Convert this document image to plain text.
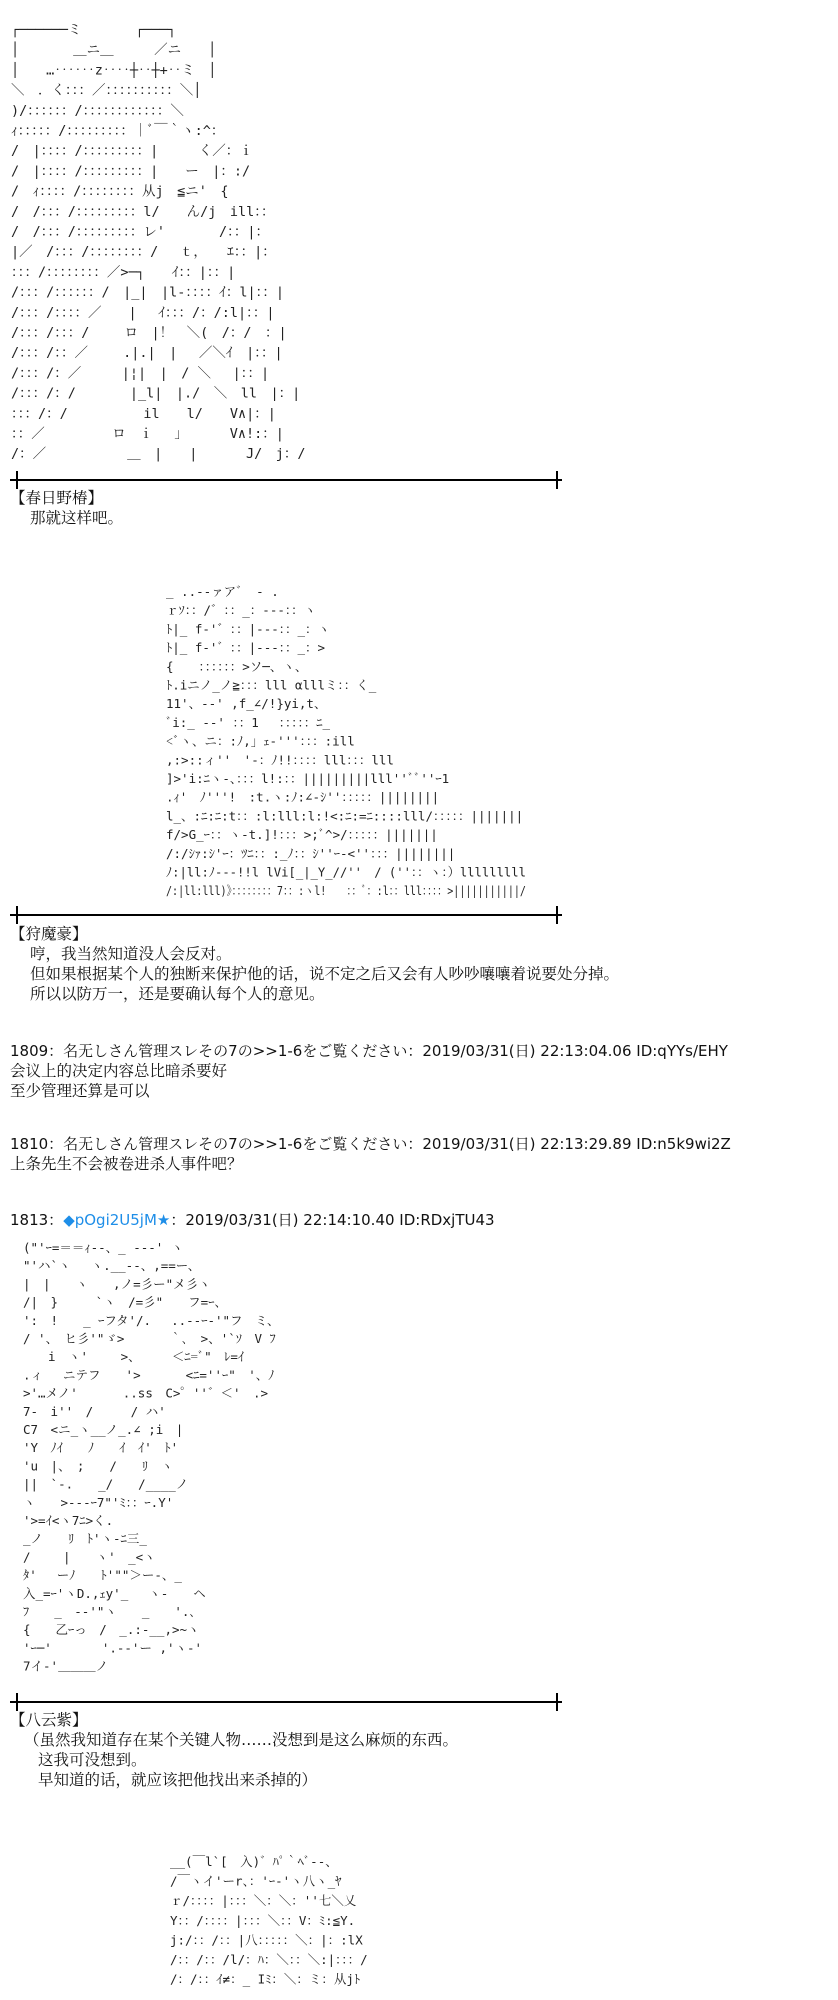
┌──────ミ　　　　┌───┐
│　　　　＿ニ＿　　　／ニ　　│
│　　…‥‥‥z‥‥┼‥┼+‥ミ　│
＼　．く：：：／：：：：：：：：：：＼│
)/：：：：：：/：：：：：：：：：：：：＼
ｨ：：：：：/：：：：：：：：：｜ﾞ￣｀ヽ:^：
/　|：：：：/：：：：：：：：：|　　　く／：ｉ
/　|：：：：/：：：：：：：：：|　　ー　|：:/
/　ｨ：：：：/：：：：：：：：从j　≦ニ'　{
/　/：：：/：：：：：：：：：l/　　ん/j　ill：：
/　/：：：/：：：：：：：：：レ'　　　　/：：|：
|／　/：：：/：：：：：：：：/　 ｔ，　　ｴ：：|：
：：：/：：：：：：：：／>─┐　　ｲ：：|：：|
/：：：/：：：：：：/　|_|　|l-：：：：ｲ：l|：：|
/：：：/：：：：／　　|　 ｲ：：：/：/:l|：：|
/：：：/：：：/　 　ロ　|！　＼(　/：/　：|
/：：：/：：／　　 .|.|　|　 ／＼ｲ　|：：|
/：：：/：／　　　|¦|　|　/ ＼　 |：：|
/：：：/：/　　　　|_l|　|./　＼　ll　|：|
：：：/：/　　　　　 il　　l/　　V∧|：|
：：／　　　　　ロ　ｉ　 ｣　　　 V∧!:：|
/：／　　　　　　＿　|　　|　　　 J/　j：/
【春日野椿】
那就这样吧。
_ ..-‐ァア゛ ‐ .
ｒｿ：：/゛：：_：-‐‐：：ヽ
ﾄ|_ f-'゛：：|‐‐‐：：_：ヽ
ﾄ|_ f-'゛：：|‐‐‐：：_：>
{　　：：：：：：>ソ─、ヽ、
ﾄ.iニノ_ノ≧：：：lll αlllミ：：く_
11'、-‐' ,f_∠/!}yi,t、
ﾞi:_ -‐' ：：1　 ：：：：：ﾆ_
<ﾞヽ、ニ：:ﾉ,」ｪ-'''：：：:ill
,:>::ィ''　'-：ﾉ!!：：：：lll：：：lll
]>'i:ﾆヽ-、：：：l!:：：|||||||||lll''ﾞﾞ''ｰ1
.ｨ'　ﾉ'''!　:t.ヽ:ﾉ:∠-ｼ''：：：：：||||||||
l_、:ﾆ:ﾆ:t：：:l:lll:l:!<:ﾆ:=ﾆ::::lll/：：：：：|||||||
f/>G_ｰ：：ヽ-t.]!：：：>;ﾞ^>/：：：：：|||||||
/:/ｼｧ:ｼ'ｰ：ﾂﾆ：：:_ﾉ：：ｼ''ｰ-<''：：：||||||||
ﾉ:|ll:ﾉ---!!l lVi[_|_Y_//''　/ (''：：ヽ：）lllllllll
/:|ll:lll)》：：：：：：：：7：：:ヽl!　　：：ﾞ：:l：：lll：：：：>|||||||||||/
【狩魔豪】
哼，我当然知道没人会反对。
但如果根据某个人的独断来保护他的话，说不定之后又会有人吵吵嚷嚷着说要处分掉。
所以以防万一，还是要确认每个人的意见。
1809：名无しさん管理スレその7の>>1-6をご覧ください：2019/03/31(日) 22:13:04.06 ID:qYYs/EHY
会议上的决定内容总比暗杀要好
至少管理还算是可以
1810：名无しさん管理スレその7の>>1-6をご覧ください：2019/03/31(日) 22:13:29.89 ID:n5k9wi2Z
上条先生不会被卷进杀人事件吧？
1813：◆pOgi2U5jM★：2019/03/31(日) 22:14:10.40 ID:RDxjTU43
("'ｰ=＝＝ｨ--、_ ‐‐‐' ヽ
"'ハ`ヽ　 ヽ.__‐‐、,==ー、
|　|　　ヽ　　,ノ=彡ー"メ彡ヽ
/|　}　　　`ヽ　/=彡"　　フ=ｰ、
':　!　　_ ｰフタ'/.　 ..-‐ｰ‐'"フ　ミ、
/ '、　ヒ彡'"ゞ>　　　 ｀､　>、'`ｿ　V ﾌ
　　i　ヽ'　 　>、　　　＜ﾆ=ﾞ"　ﾚ=ｲ
.ィ　 ニテフ　　'>　 　　<ﾆ=''ｰ"　'、ﾉ
>'…メノ'　　　 ..ss　C>゜''゛＜'　.>
7-　i''　/　　　/ ハ'
C7　<ニ_ヽ__ノ_.∠ ;i　|
'Y　ﾉｲ　　ﾉ　　ｲ　ｲ'　ﾄ'
'u　|、　;　　/　　ﾘ　ヽ
||　`-.　　_/　　/____ノ
ヽ　　>‐-‐ｰ7"'ﾐ：：ｰ.Y'
'>=ｲ<ヽ7ﾆ>く.
_ノ　　ﾘ　ﾄ'ヽ-ﾆ三_
/　 　|　　ヽ'　_<ヽ
ﾀ'　 ーﾉ　　ﾄ'""＞ー-、_
入_=ｰ'ヽD.,ｪy'_　 ヽ-　　ヘ
ﾌ　　_　-‐'"ヽ　　_　　'.､
{　　乙ｰっ　/　_.:-__,>~ヽ
'ｰ─'　　　　'.-‐'ー ,'ヽ-'
7イ-'＿＿＿ノ
【八云紫】
（虽然我知道存在某个关键人物……没想到是这么麻烦的东西。
这我可没想到。
早知道的话，就应该把他找出来杀掉的）
__(￣l`[　入)゛ﾊﾟ｀ﾍﾞ‐-、
/￣ヽイ'ーr、：'ｰ-'ヽ八ヽ_ﾔ
ｒ/：：：：|：：：＼：＼：''七＼乂
Y：：/：：：：|：：：＼：：V：ﾐ:≦Y.
j:/：：/：：|八：：：：：＼：|：:lX
/：：/：：/l/：ﾊ：＼：：＼:|：：：/
/：/：：ｲ≠：_ Iﾐ：＼：ミ：从jﾄ
